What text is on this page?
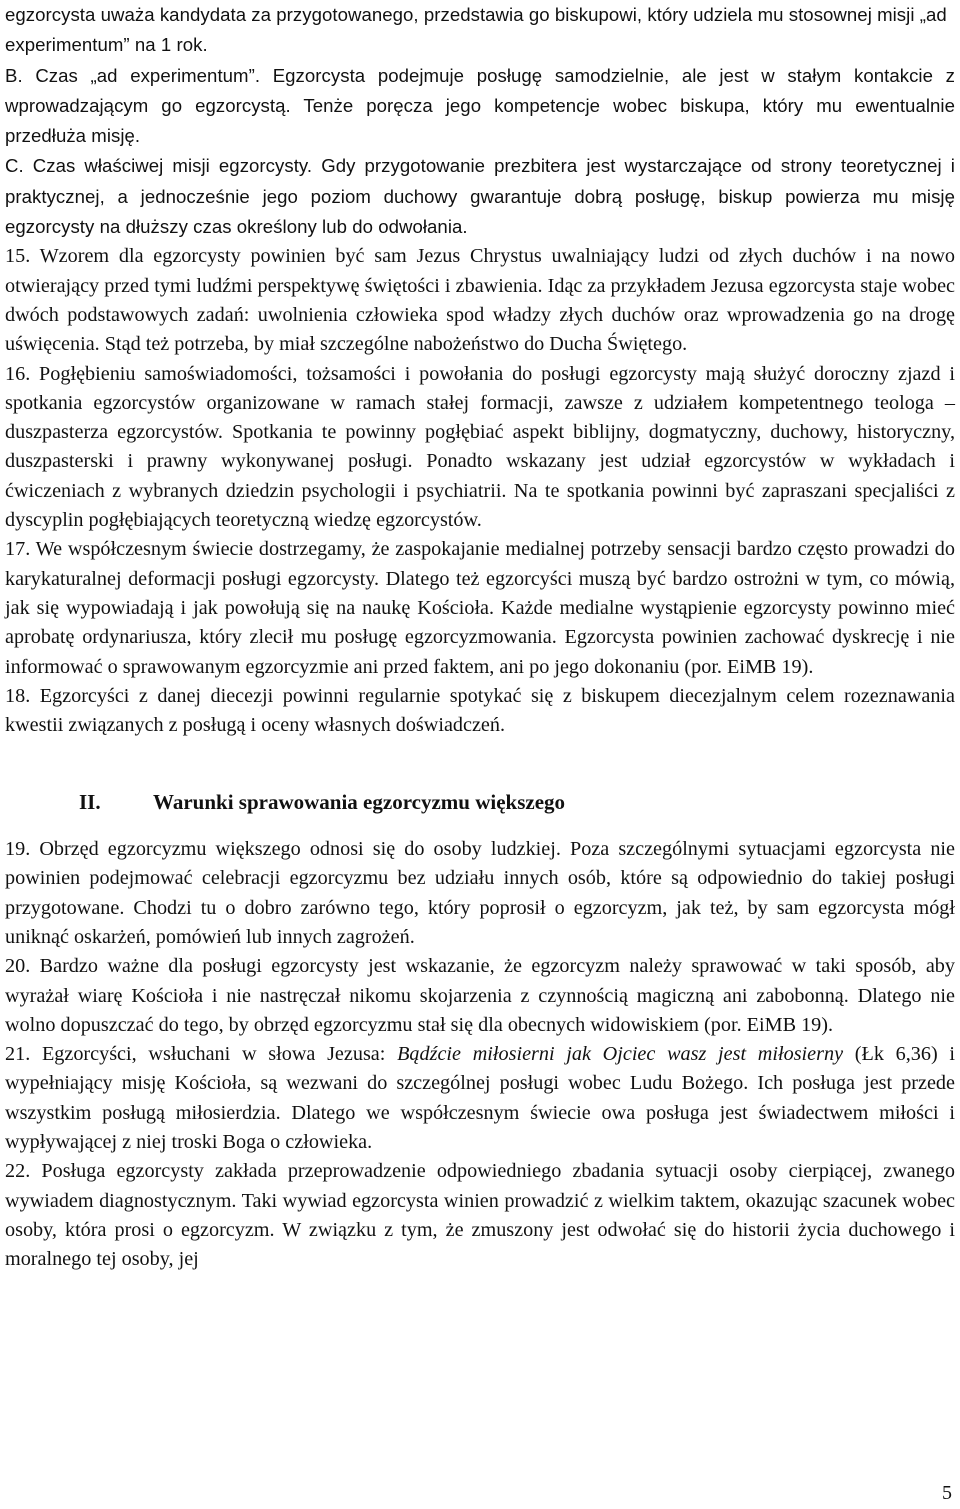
egzorcysta uważa kandydata za przygotowanego, przedstawia go biskupowi, który udziela mu stosownej misji „ad experimentum” na 1 rok.

B. Czas „ad experimentum”. Egzorcysta podejmuje posługę samodzielnie, ale jest w stałym kontakcie z wprowadzającym go egzorcystą. Tenże poręcza jego kompetencje wobec biskupa, który mu ewentualnie przedłuża misję.

C. Czas właściwej misji egzorcysty. Gdy przygotowanie prezbitera jest wystarczające od strony teoretycznej i praktycznej, a jednocześnie jego poziom duchowy gwarantuje dobrą posługę, biskup powierza mu misję egzorcysty na dłuższy czas określony lub do odwołania.

15. Wzorem dla egzorcysty powinien być sam Jezus Chrystus uwalniający ludzi od złych duchów i na nowo otwierający przed tymi ludźmi perspektywę świętości i zbawienia. Idąc za przykładem Jezusa egzorcysta staje wobec dwóch podstawowych zadań: uwolnienia człowieka spod władzy złych duchów oraz wprowadzenia go na drogę uświęcenia. Stąd też potrzeba, by miał szczególne nabożeństwo do Ducha Świętego.

16. Pogłębieniu samoświadomości, tożsamości i powołania do posługi egzorcysty mają służyć doroczny zjazd i spotkania egzorcystów organizowane w ramach stałej formacji, zawsze z udziałem kompetentnego teologa – duszpasterza egzorcystów. Spotkania te powinny pogłębiać aspekt biblijny, dogmatyczny, duchowy, historyczny, duszpasterski i prawny wykonywanej posługi. Ponadto wskazany jest udział egzorcystów w wykładach i ćwiczeniach z wybranych dziedzin psychologii i psychiatrii. Na te spotkania powinni być zapraszani specjaliści z dyscyplin pogłębiających teoretyczną wiedzę egzorcystów.

17. We współczesnym świecie dostrzegamy, że zaspokajanie medialnej potrzeby sensacji bardzo często prowadzi do karykaturalnej deformacji posługi egzorcysty. Dlatego też egzorcyści muszą być bardzo ostrożni w tym, co mówią, jak się wypowiadają i jak powołują się na naukę Kościoła. Każde medialne wystąpienie egzorcysty powinno mieć aprobatę ordynariusza, który zlecił mu posługę egzorcyzmowania. Egzorcysta powinien zachować dyskrecję i nie informować o sprawowanym egzorcyzmie ani przed faktem, ani po jego dokonaniu (por. EiMB 19).

18. Egzorcyści z danej diecezji powinni regularnie spotykać się z biskupem diecezjalnym celem rozeznawania kwestii związanych z posługą i oceny własnych doświadczeń.

II.	Warunki sprawowania egzorcyzmu większego

19. Obrzęd egzorcyzmu większego odnosi się do osoby ludzkiej. Poza szczególnymi sytuacjami egzorcysta nie powinien podejmować celebracji egzorcyzmu bez udziału innych osób, które są odpowiednio do takiej posługi przygotowane. Chodzi tu o dobro zarówno tego, który poprosił o egzorcyzm, jak też, by sam egzorcysta mógł uniknąć oskarżeń, pomówień lub innych zagrożeń.

20. Bardzo ważne dla posługi egzorcysty jest wskazanie, że egzorcyzm należy sprawować w taki sposób, aby wyrażał wiarę Kościoła i nie nastręczał nikomu skojarzenia z czynnością magiczną ani zabobonną. Dlatego nie wolno dopuszczać do tego, by obrzęd egzorcyzmu stał się dla obecnych widowiskiem (por. EiMB 19).

21. Egzorcyści, wsłuchani w słowa Jezusa: Bądźcie miłosierni jak Ojciec wasz jest miłosierny (Łk 6,36) i wypełniający misję Kościoła, są wezwani do szczególnej posługi wobec Ludu Bożego. Ich posługa jest przede wszystkim posługą miłosierdzia. Dlatego we współczesnym świecie owa posługa jest świadectwem miłości i wypływającej z niej troski Boga o człowieka.

22. Posługa egzorcysty zakłada przeprowadzenie odpowiedniego zbadania sytuacji osoby cierpiącej, zwanego wywiadem diagnostycznym. Taki wywiad egzorcysta winien prowadzić z wielkim taktem, okazując szacunek wobec osoby, która prosi o egzorcyzm. W związku z tym, że zmuszony jest odwołać się do historii życia duchowego i moralnego tej osoby, jej

5
